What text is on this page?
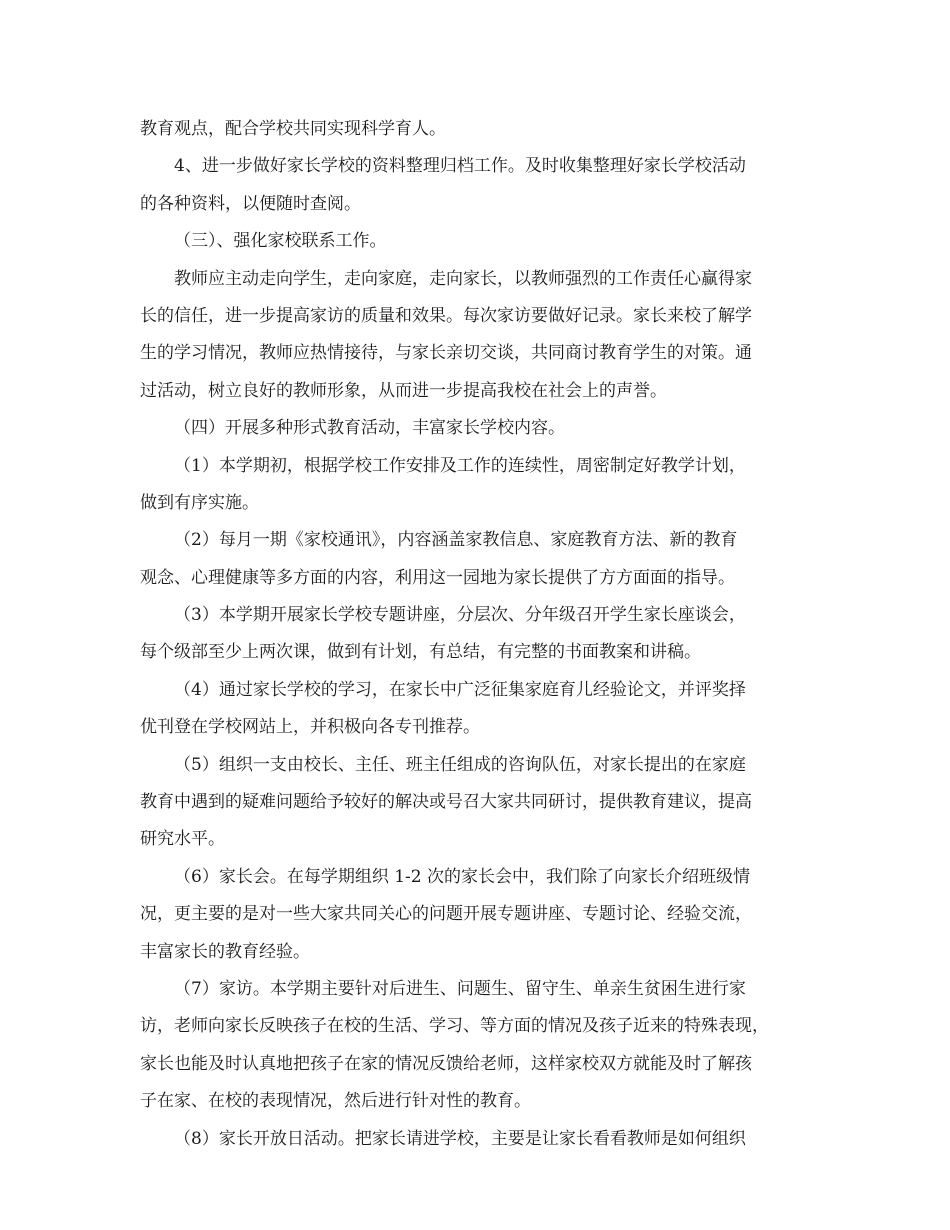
教育观点，配合学校共同实现科学育人。
4、进一步做好家长学校的资料整理归档工作。及时收集整理好家长学校活动
的各种资料，以便随时查阅。
（三）、强化家校联系工作。
教师应主动走向学生，走向家庭，走向家长，以教师强烈的工作责任心赢得家
长的信任，进一步提高家访的质量和效果。每次家访要做好记录。家长来校了解学
生的学习情况，教师应热情接待，与家长亲切交谈，共同商讨教育学生的对策。通
过活动，树立良好的教师形象，从而进一步提高我校在社会上的声誉。
（四）开展多种形式教育活动，丰富家长学校内容。
（1）本学期初，根据学校工作安排及工作的连续性，周密制定好教学计划，
做到有序实施。
（2）每月一期《家校通讯》，内容涵盖家教信息、家庭教育方法、新的教育
观念、心理健康等多方面的内容，利用这一园地为家长提供了方方面面的指导。
（3）本学期开展家长学校专题讲座，分层次、分年级召开学生家长座谈会，
每个级部至少上两次课，做到有计划，有总结，有完整的书面教案和讲稿。
（4）通过家长学校的学习，在家长中广泛征集家庭育儿经验论文，并评奖择
优刊登在学校网站上，并积极向各专刊推荐。
（5）组织一支由校长、主任、班主任组成的咨询队伍，对家长提出的在家庭
教育中遇到的疑难问题给予较好的解决或号召大家共同研讨，提供教育建议，提高
研究水平。
（6）家长会。在每学期组织 1-2 次的家长会中，我们除了向家长介绍班级情
况，更主要的是对一些大家共同关心的问题开展专题讲座、专题讨论、经验交流，
丰富家长的教育经验。
（7）家访。本学期主要针对后进生、问题生、留守生、单亲生贫困生进行家
访，老师向家长反映孩子在校的生活、学习、等方面的情况及孩子近来的特殊表现，
家长也能及时认真地把孩子在家的情况反馈给老师，这样家校双方就能及时了解孩
子在家、在校的表现情况，然后进行针对性的教育。
（8）家长开放日活动。把家长请进学校，主要是让家长看看教师是如何组织
